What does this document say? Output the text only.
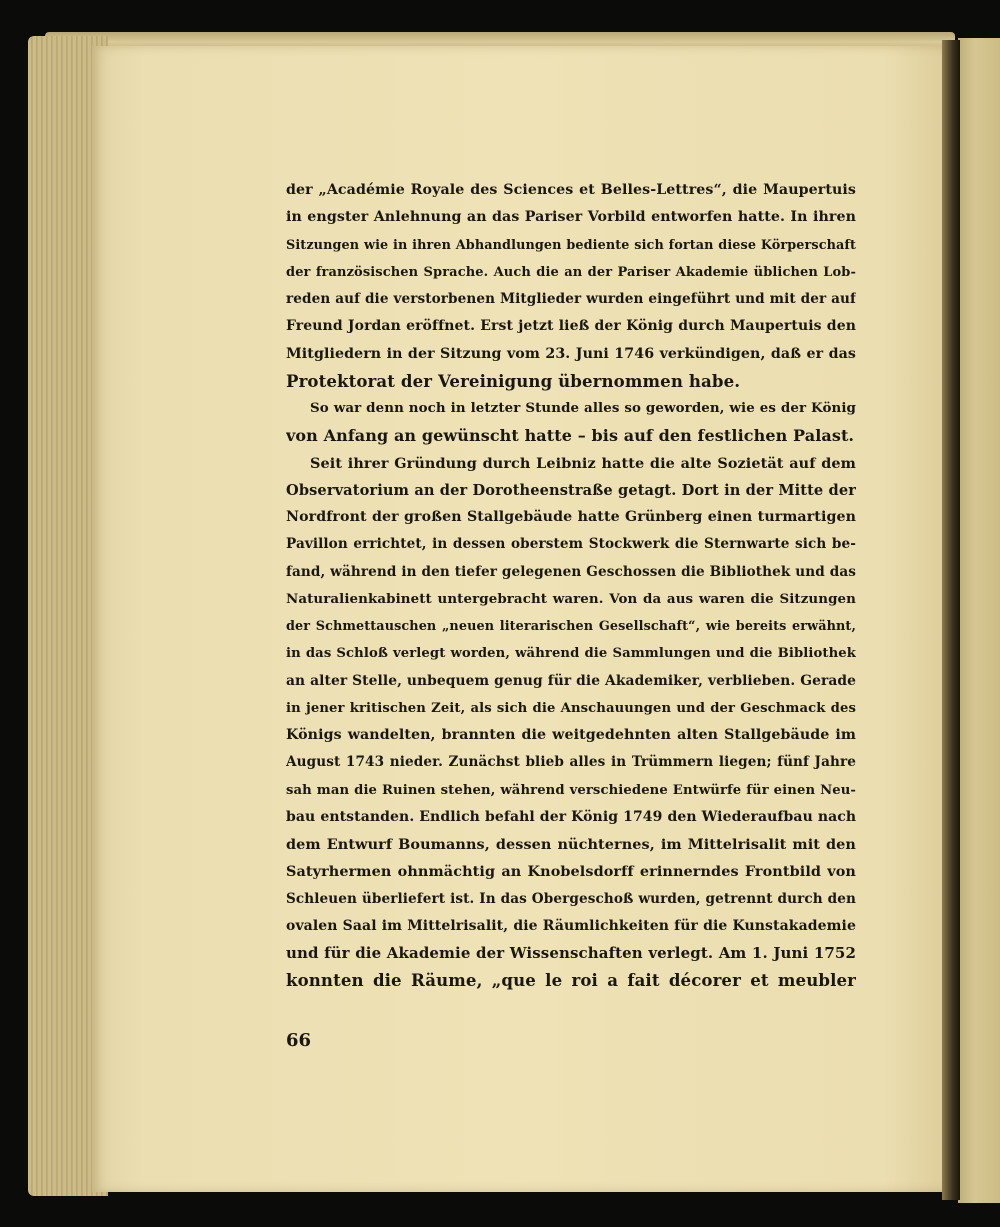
der „Académie Royale des Sciences et Belles-Lettres“, die Maupertuis
in engster Anlehnung an das Pariser Vorbild entworfen hatte. In ihren
Sitzungen wie in ihren Abhandlungen bediente sich fortan diese Körperschaft
der französischen Sprache. Auch die an der Pariser Akademie üblichen Lob-
reden auf die verstorbenen Mitglieder wurden eingeführt und mit der auf
Freund Jordan eröffnet. Erst jetzt ließ der König durch Maupertuis den
Mitgliedern in der Sitzung vom 23. Juni 1746 verkündigen, daß er das
Protektorat der Vereinigung übernommen habe.
So war denn noch in letzter Stunde alles so geworden, wie es der König
von Anfang an gewünscht hatte – bis auf den festlichen Palast.
Seit ihrer Gründung durch Leibniz hatte die alte Sozietät auf dem
Observatorium an der Dorotheenstraße getagt. Dort in der Mitte der
Nordfront der großen Stallgebäude hatte Grünberg einen turmartigen
Pavillon errichtet, in dessen oberstem Stockwerk die Sternwarte sich be-
fand, während in den tiefer gelegenen Geschossen die Bibliothek und das
Naturalienkabinett untergebracht waren. Von da aus waren die Sitzungen
der Schmettauschen „neuen literarischen Gesellschaft“, wie bereits erwähnt,
in das Schloß verlegt worden, während die Sammlungen und die Bibliothek
an alter Stelle, unbequem genug für die Akademiker, verblieben. Gerade
in jener kritischen Zeit, als sich die Anschauungen und der Geschmack des
Königs wandelten, brannten die weitgedehnten alten Stallgebäude im
August 1743 nieder. Zunächst blieb alles in Trümmern liegen; fünf Jahre
sah man die Ruinen stehen, während verschiedene Entwürfe für einen Neu-
bau entstanden. Endlich befahl der König 1749 den Wiederaufbau nach
dem Entwurf Boumanns, dessen nüchternes, im Mittelrisalit mit den
Satyrhermen ohnmächtig an Knobelsdorff erinnerndes Frontbild von
Schleuen überliefert ist. In das Obergeschoß wurden, getrennt durch den
ovalen Saal im Mittelrisalit, die Räumlichkeiten für die Kunstakademie
und für die Akademie der Wissenschaften verlegt. Am 1. Juni 1752
konnten die Räume, „que le roi a fait décorer et meubler
66
